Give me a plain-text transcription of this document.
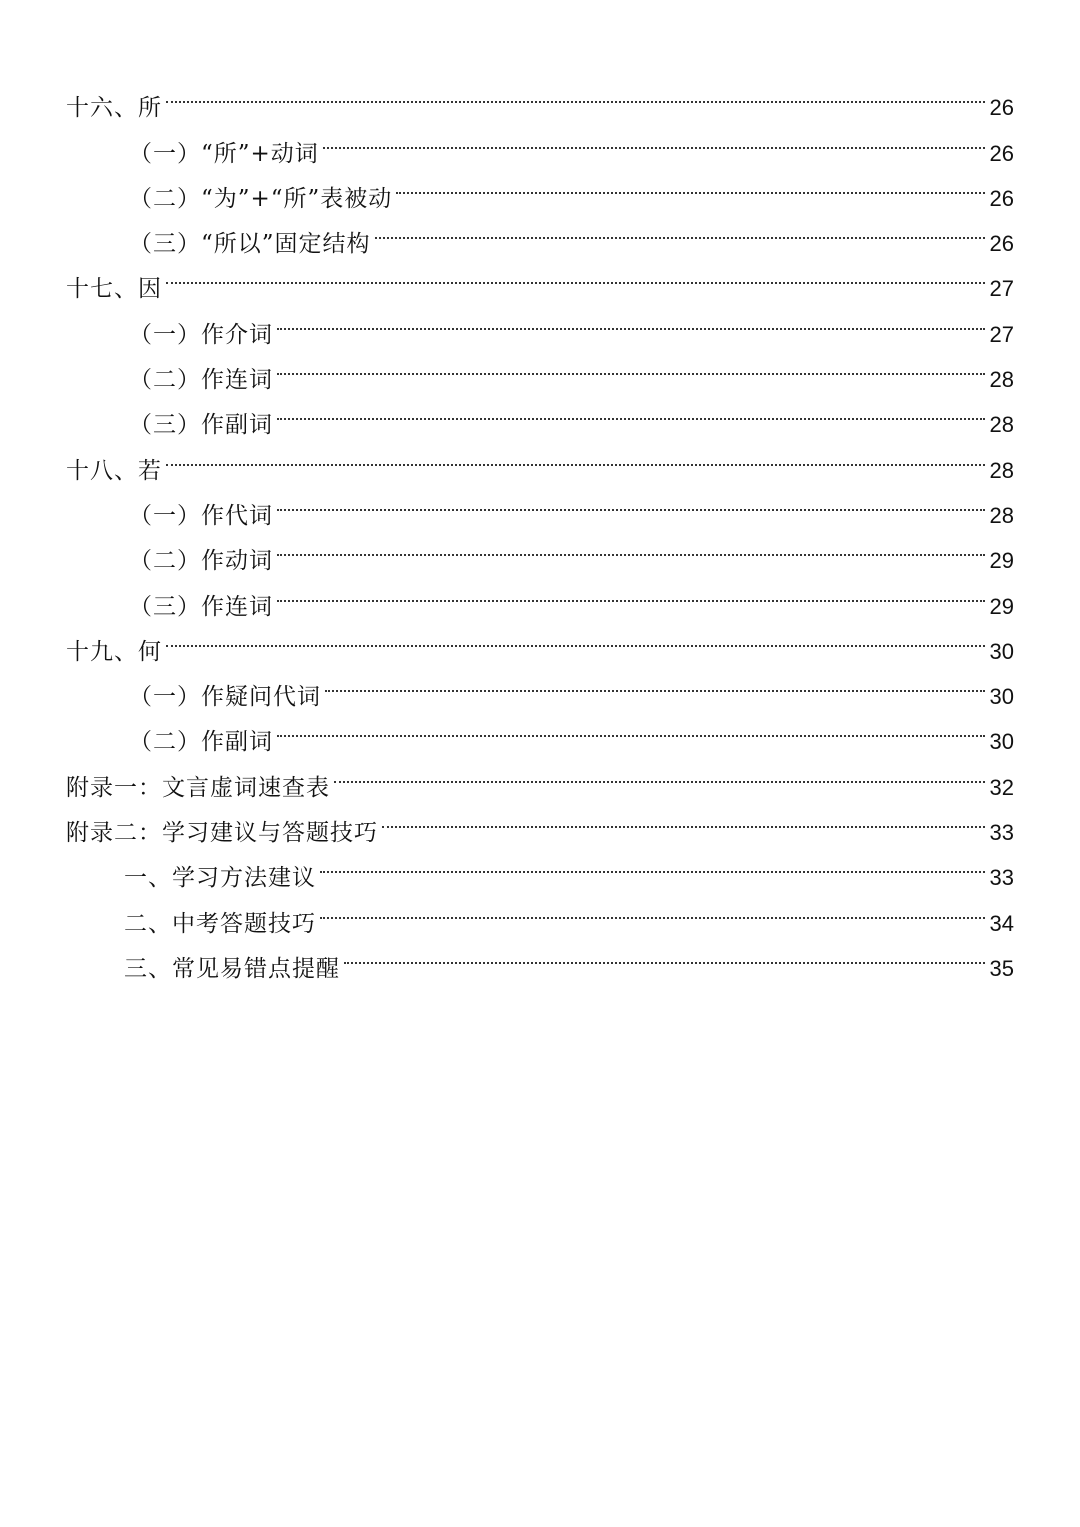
十六、所	26
（一）“所”+动词	26
（二）“为”+“所”表被动	26
（三）“所以”固定结构	26
十七、因	27
（一）作介词	27
（二）作连词	28
（三）作副词	28
十八、若	28
（一）作代词	28
（二）作动词	29
（三）作连词	29
十九、何	30
（一）作疑问代词	30
（二）作副词	30
附录一：文言虚词速查表	32
附录二：学习建议与答题技巧	33
一、学习方法建议	33
二、中考答题技巧	34
三、常见易错点提醒	35
